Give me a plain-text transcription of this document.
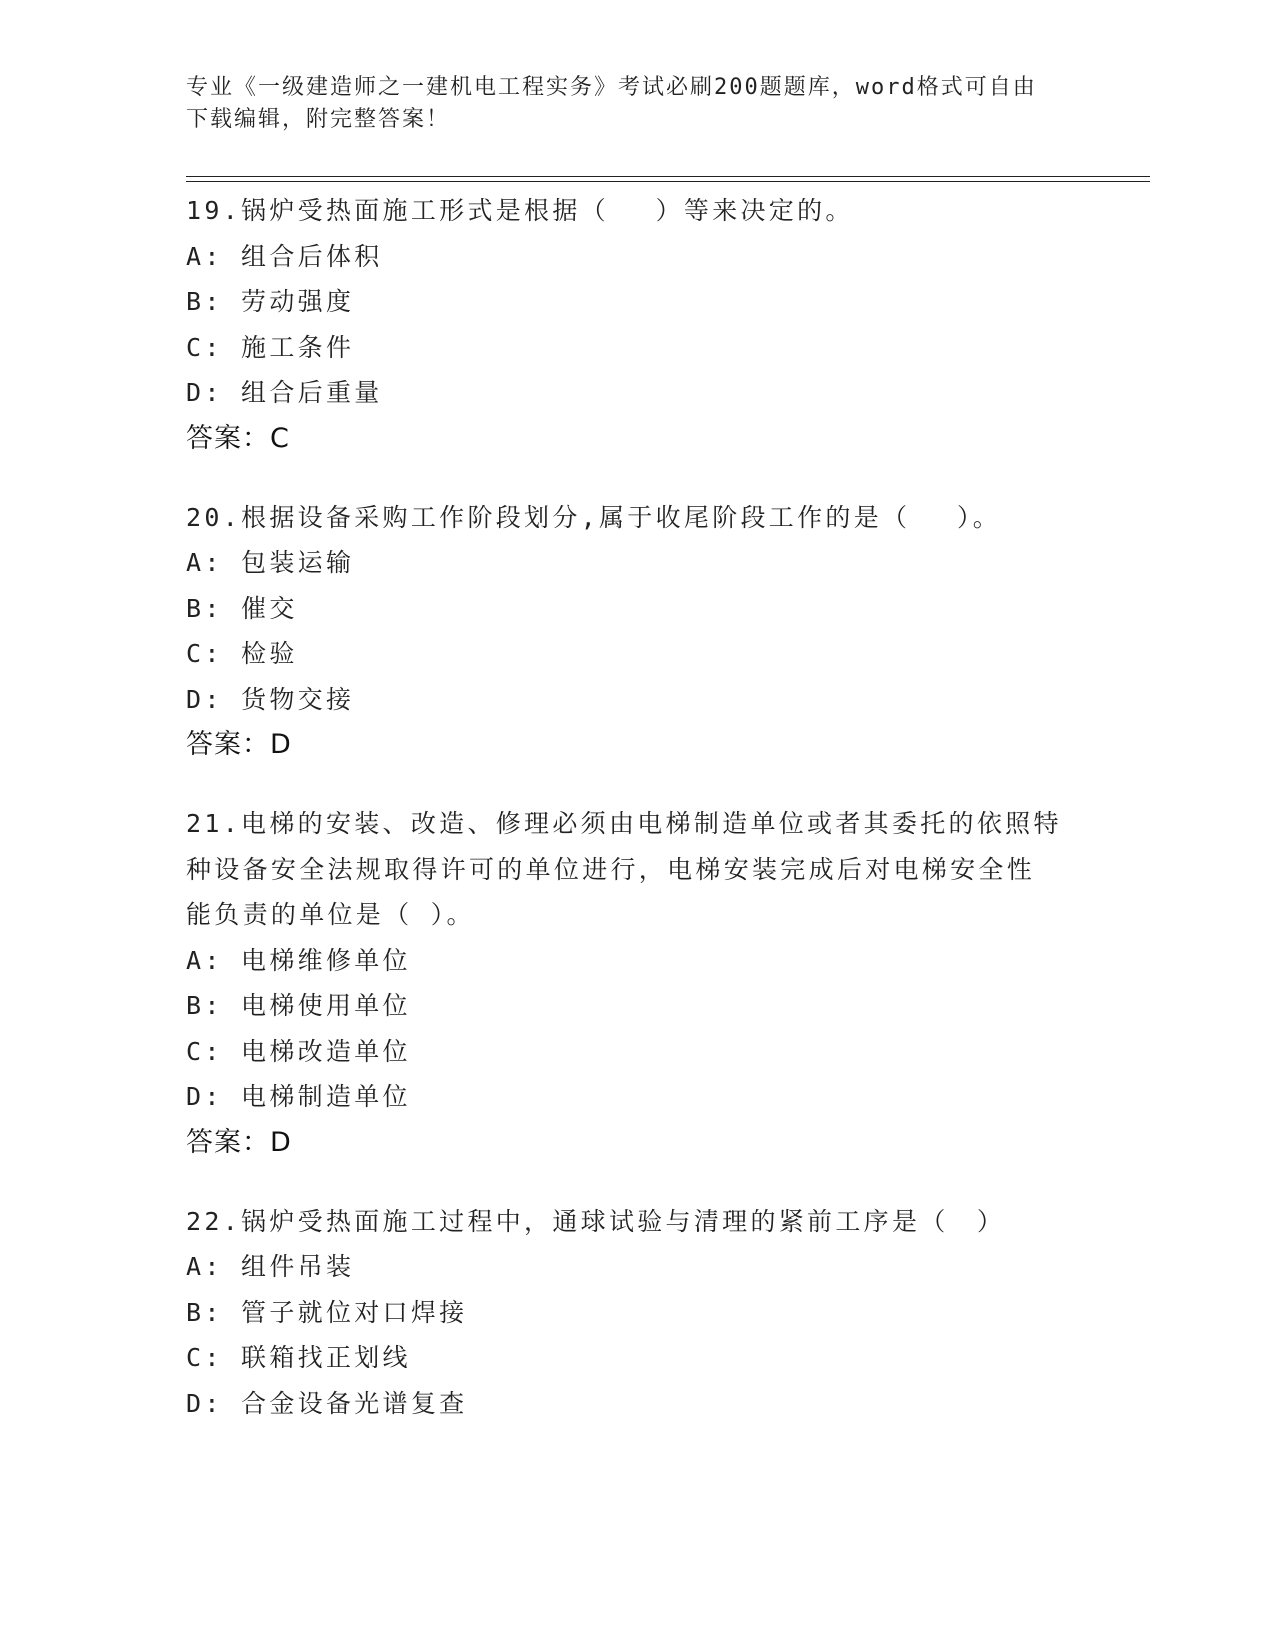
专业《一级建造师之一建机电工程实务》考试必刷200题题库，word格式可自由
下载编辑，附完整答案！
19.锅炉受热面施工形式是根据（　 ）等来决定的。
A: 组合后体积
B: 劳动强度
C: 施工条件
D: 组合后重量
答案：C
20.根据设备采购工作阶段划分,属于收尾阶段工作的是（　 ）。
A: 包装运输
B: 催交
C: 检验
D: 货物交接
答案：D
21.电梯的安装、改造、修理必须由电梯制造单位或者其委托的依照特
种设备安全法规取得许可的单位进行，电梯安装完成后对电梯安全性
能负责的单位是（ ）。
A: 电梯维修单位
B: 电梯使用单位
C: 电梯改造单位
D: 电梯制造单位
答案：D
22.锅炉受热面施工过程中，通球试验与清理的紧前工序是（　）
A: 组件吊装
B: 管子就位对口焊接
C: 联箱找正划线
D: 合金设备光谱复查
